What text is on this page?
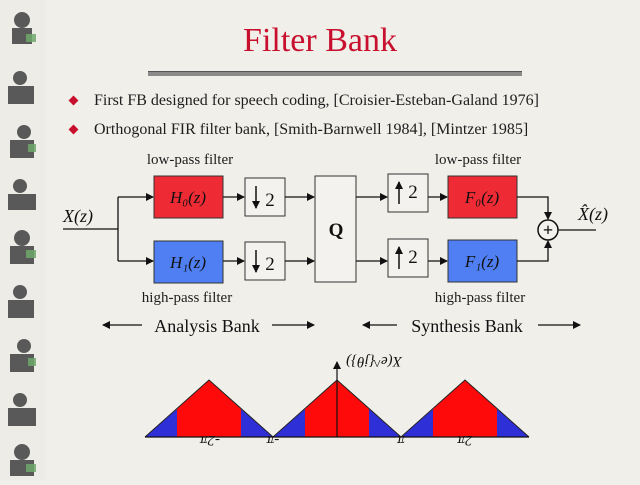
Filter Bank
First FB designed for speech coding, [Croisier-Esteban-Galand 1976]
Orthogonal FIR filter bank, [Smith-Barnwell 1984], [Mintzer 1985]
low-pass filter	low-pass filter
high-pass filter	high-pass filter
X(z)
H₀(z)
H₁(z)
2
2
Q
2
2
F₀(z)
F₁(z)
+
X̂(z)
Analysis Bank	Synthesis Bank
X(e^{jθ})
-2π	-π	π	2π
